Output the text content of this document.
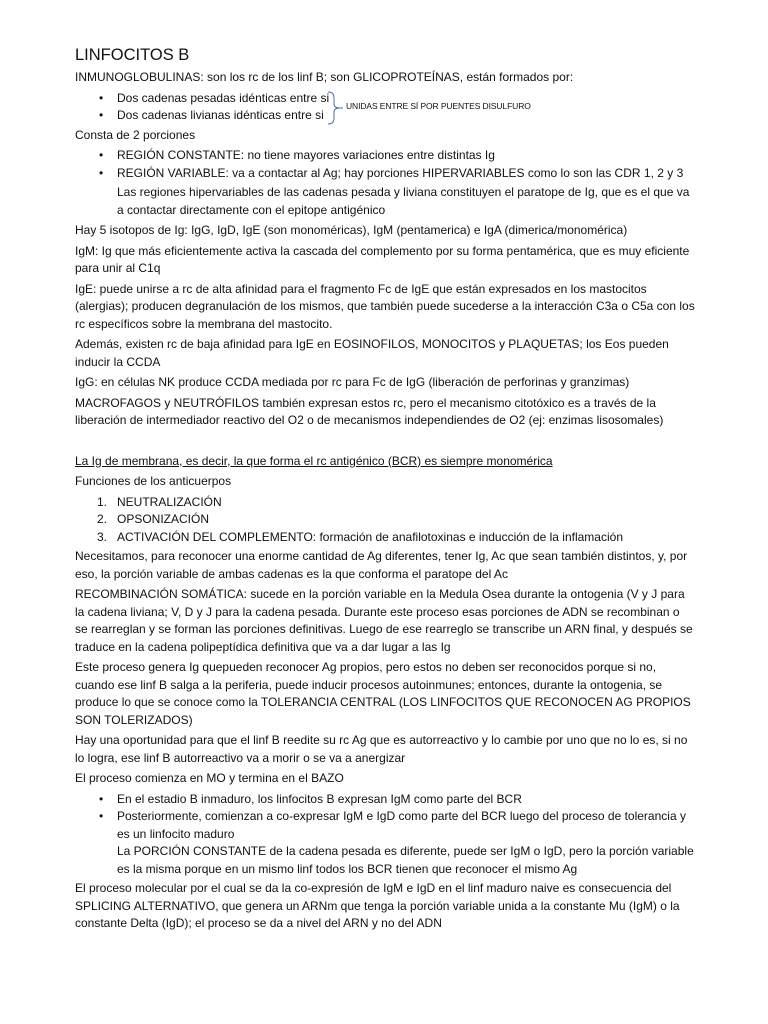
LINFOCITOS B

INMUNOGLOBULINAS: son los rc de los linf B; son GLICOPROTEÍNAS, están formados por:

• Dos cadenas pesadas idénticas entre si
• Dos cadenas livianas idénticas entre si
UNIDAS ENTRE SÍ POR PUENTES DISULFURO

Consta de 2 porciones

• REGIÓN CONSTANTE: no tiene mayores variaciones entre distintas Ig
• REGIÓN VARIABLE: va a contactar al Ag; hay porciones HIPERVARIABLES como lo son las CDR 1, 2 y 3

Las regiones hipervariables de las cadenas pesada y liviana constituyen el paratope de Ig, que es el que va a contactar directamente con el epitope antigénico

Hay 5 isotopos de Ig: IgG, IgD, IgE (son monoméricas), IgM (pentamerica) e IgA (dimerica/monomérica)

IgM: Ig que más eficientemente activa la cascada del complemento por su forma pentamérica, que es muy eficiente para unir al C1q

IgE: puede unirse a rc de alta afinidad para el fragmento Fc de IgE que están expresados en los mastocitos (alergias); producen degranulación de los mismos, que también puede sucederse a la interacción C3a o C5a con los rc específicos sobre la membrana del mastocito.

Además, existen rc de baja afinidad para IgE en EOSINOFILOS, MONOCITOS y PLAQUETAS; los Eos pueden inducir la CCDA

IgG: en células NK produce CCDA mediada por rc para Fc de IgG (liberación de perforinas y granzimas)

MACROFAGOS y NEUTRÓFILOS también expresan estos rc, pero el mecanismo citotóxico es a través de la liberación de intermediador reactivo del O2 o de mecanismos independiendes de O2 (ej: enzimas lisosomales)

La Ig de membrana, es decir, la que forma el rc antigénico (BCR) es siempre monomérica

Funciones de los anticuerpos

1. NEUTRALIZACIÓN
2. OPSONIZACIÓN
3. ACTIVACIÓN DEL COMPLEMENTO: formación de anafilotoxinas e inducción de la inflamación

Necesitamos, para reconocer una enorme cantidad de Ag diferentes, tener Ig, Ac que sean también distintos, y, por eso, la porción variable de ambas cadenas es la que conforma el paratope del Ac

RECOMBINACIÓN SOMÁTICA: sucede en la porción variable en la Medula Osea durante la ontogenia (V y J para la cadena liviana; V, D y J para la cadena pesada. Durante este proceso esas porciones de ADN se recombinan o se rearreglan y se forman las porciones definitivas. Luego de ese rearreglo se transcribe un ARN final, y después se traduce en la cadena polipeptídica definitiva que va a dar lugar a las Ig

Este proceso genera Ig quepueden reconocer Ag propios, pero estos no deben ser reconocidos porque si no, cuando ese linf B salga a la periferia, puede inducir procesos autoinmunes; entonces, durante la ontogenia, se produce lo que se conoce como la TOLERANCIA CENTRAL (LOS LINFOCITOS QUE RECONOCEN AG PROPIOS SON TOLERIZADOS)

Hay una oportunidad para que el linf B reedite su rc Ag que es autorreactivo y lo cambie por uno que no lo es, si no lo logra, ese linf B autorreactivo va a morir o se va a anergizar

El proceso comienza en MO y termina en el BAZO

• En el estadio B inmaduro, los linfocitos B expresan IgM como parte del BCR
• Posteriormente, comienzan a co-expresar IgM e IgD como parte del BCR luego del proceso de tolerancia y es un linfocito maduro
La PORCIÓN CONSTANTE de la cadena pesada es diferente, puede ser IgM o IgD, pero la porción variable es la misma porque en un mismo linf todos los BCR tienen que reconocer el mismo Ag

El proceso molecular por el cual se da la co-expresión de IgM e IgD en el linf maduro naive es consecuencia del SPLICING ALTERNATIVO, que genera un ARNm que tenga la porción variable unida a la constante Mu (IgM) o la constante Delta (IgD); el proceso se da a nivel del ARN y no del ADN
